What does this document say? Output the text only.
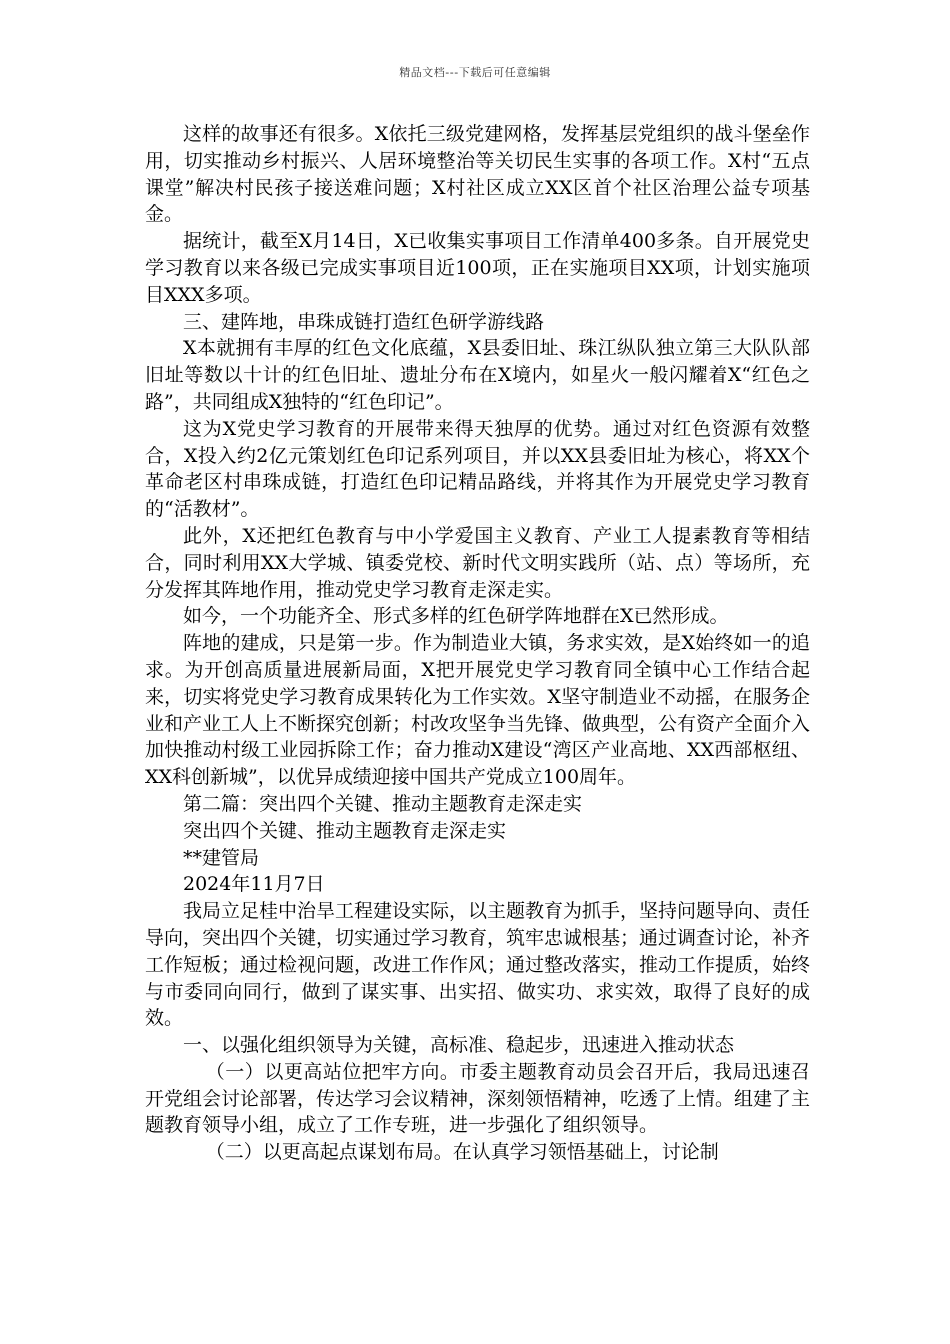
精品文档---下载后可任意编辑

这样的故事还有很多。X依托三级党建网格，发挥基层党组织的战斗堡垒作用，切实推动乡村振兴、人居环境整治等关切民生实事的各项工作。X村“五点课堂”解决村民孩子接送难问题；X村社区成立XX区首个社区治理公益专项基金。

据统计，截至X月14日，X已收集实事项目工作清单400多条。自开展党史学习教育以来各级已完成实事项目近100项，正在实施项目XX项，计划实施项目XXX多项。

三、建阵地，串珠成链打造红色研学游线路

X本就拥有丰厚的红色文化底蕴，X县委旧址、珠江纵队独立第三大队队部旧址等数以十计的红色旧址、遗址分布在X境内，如星火一般闪耀着X“红色之路”，共同组成X独特的“红色印记”。

这为X党史学习教育的开展带来得天独厚的优势。通过对红色资源有效整合，X投入约2亿元策划红色印记系列项目，并以XX县委旧址为核心，将XX个革命老区村串珠成链，打造红色印记精品路线，并将其作为开展党史学习教育的“活教材”。

此外，X还把红色教育与中小学爱国主义教育、产业工人提素教育等相结合，同时利用XX大学城、镇委党校、新时代文明实践所（站、点）等场所，充分发挥其阵地作用，推动党史学习教育走深走实。

如今，一个功能齐全、形式多样的红色研学阵地群在X已然形成。

阵地的建成，只是第一步。作为制造业大镇，务求实效，是X始终如一的追求。为开创高质量进展新局面，X把开展党史学习教育同全镇中心工作结合起来，切实将党史学习教育成果转化为工作实效。X坚守制造业不动摇，在服务企业和产业工人上不断探究创新；村改攻坚争当先锋、做典型，公有资产全面介入加快推动村级工业园拆除工作；奋力推动X建设“湾区产业高地、XX西部枢纽、XX科创新城”，以优异成绩迎接中国共产党成立100周年。

第二篇：突出四个关键、推动主题教育走深走实

突出四个关键、推动主题教育走深走实

**建管局

2024年11月7日

我局立足桂中治旱工程建设实际，以主题教育为抓手，坚持问题导向、责任导向，突出四个关键，切实通过学习教育，筑牢忠诚根基；通过调查讨论，补齐工作短板；通过检视问题，改进工作作风；通过整改落实，推动工作提质，始终与市委同向同行，做到了谋实事、出实招、做实功、求实效，取得了良好的成效。

一、以强化组织领导为关键，高标准、稳起步，迅速进入推动状态

（一）以更高站位把牢方向。市委主题教育动员会召开后，我局迅速召开党组会讨论部署，传达学习会议精神，深刻领悟精神，吃透了上情。组建了主题教育领导小组，成立了工作专班，进一步强化了组织领导。

（二）以更高起点谋划布局。在认真学习领悟基础上，讨论制
